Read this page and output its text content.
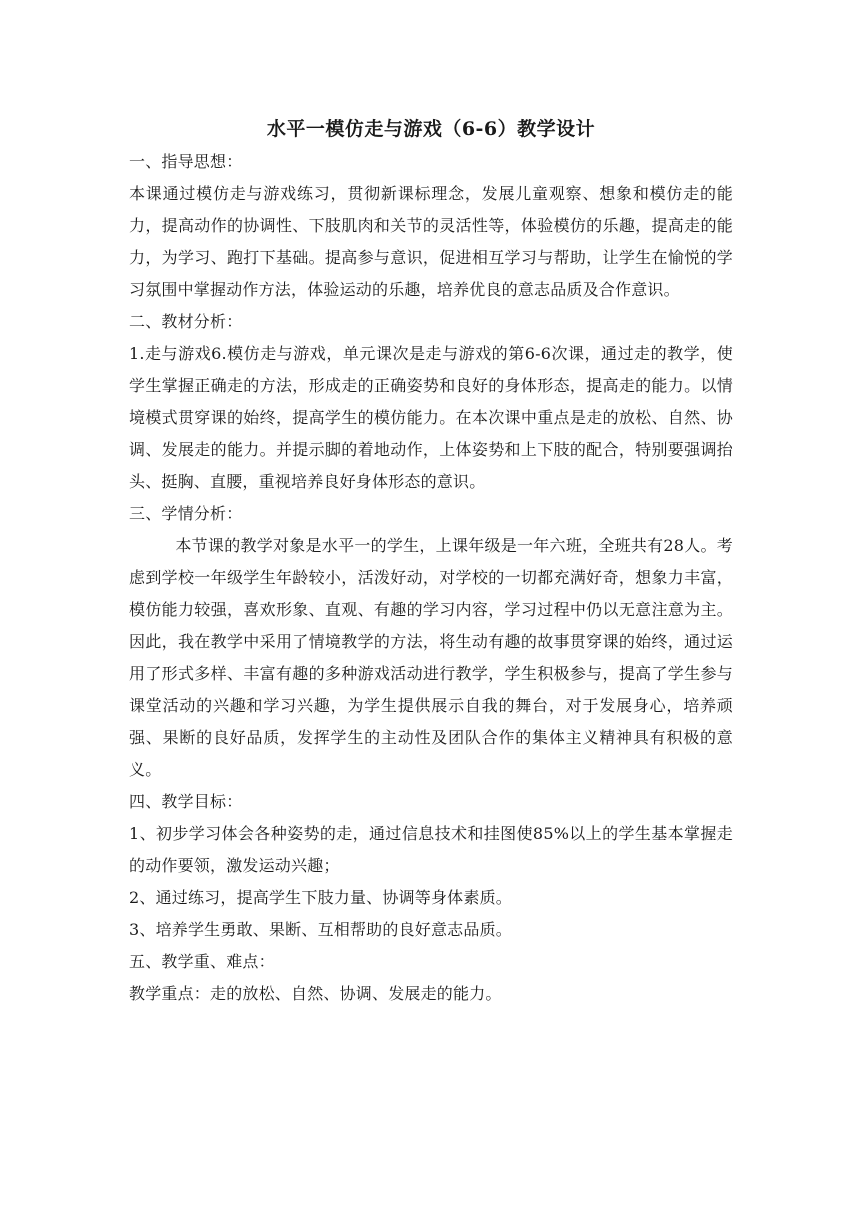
水平一模仿走与游戏（6-6）教学设计

一、指导思想：

本课通过模仿走与游戏练习，贯彻新课标理念，发展儿童观察、想象和模仿走的能力，提高动作的协调性、下肢肌肉和关节的灵活性等，体验模仿的乐趣，提高走的能力，为学习、跑打下基础。提高参与意识，促进相互学习与帮助，让学生在愉悦的学习氛围中掌握动作方法，体验运动的乐趣，培养优良的意志品质及合作意识。

二、教材分析：

1.走与游戏6.模仿走与游戏，单元课次是走与游戏的第6-6次课，通过走的教学，使学生掌握正确走的方法，形成走的正确姿势和良好的身体形态，提高走的能力。以情境模式贯穿课的始终，提高学生的模仿能力。在本次课中重点是走的放松、自然、协调、发展走的能力。并提示脚的着地动作，上体姿势和上下肢的配合，特别要强调抬头、挺胸、直腰，重视培养良好身体形态的意识。

三、学情分析：

本节课的教学对象是水平一的学生，上课年级是一年六班，全班共有28人。考虑到学校一年级学生年龄较小，活泼好动，对学校的一切都充满好奇，想象力丰富，模仿能力较强，喜欢形象、直观、有趣的学习内容，学习过程中仍以无意注意为主。因此，我在教学中采用了情境教学的方法，将生动有趣的故事贯穿课的始终，通过运用了形式多样、丰富有趣的多种游戏活动进行教学，学生积极参与，提高了学生参与课堂活动的兴趣和学习兴趣，为学生提供展示自我的舞台，对于发展身心，培养顽强、果断的良好品质，发挥学生的主动性及团队合作的集体主义精神具有积极的意义。

四、教学目标：

1、初步学习体会各种姿势的走，通过信息技术和挂图使85%以上的学生基本掌握走的动作要领，激发运动兴趣；

2、通过练习，提高学生下肢力量、协调等身体素质。

3、培养学生勇敢、果断、互相帮助的良好意志品质。

五、教学重、难点：

教学重点：走的放松、自然、协调、发展走的能力。
